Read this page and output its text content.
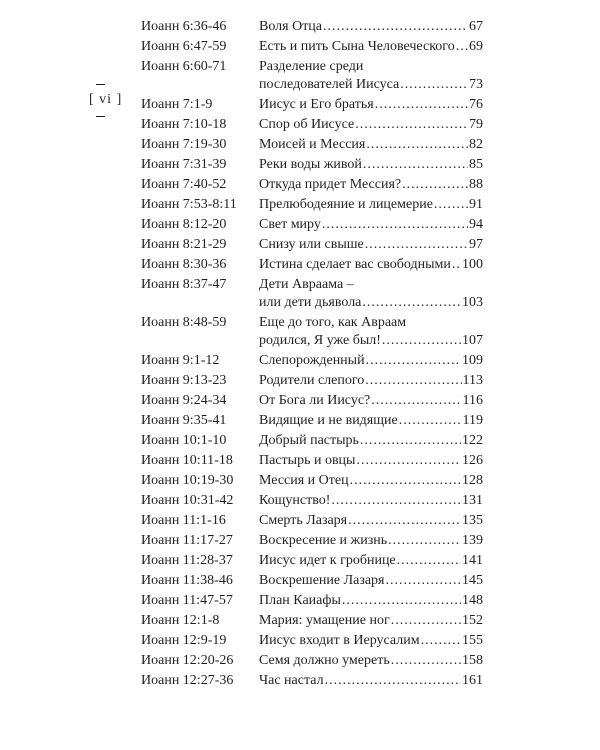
[ vi ]
Иоанн 6:36-46	Воля Отца .....	67
Иоанн 6:47-59	Есть и пить Сына Человеческого ..... 69
Иоанн 6:60-71	Разделение среди
последователей Иисуса .....	73
Иоанн 7:1-9	Иисус и Его братья .....	76
Иоанн 7:10-18	Спор об Иисусе .....	79
Иоанн 7:19-30	Моисей и Мессия .....	82
Иоанн 7:31-39	Реки воды живой .....	85
Иоанн 7:40-52	Откуда придет Мессия? .....	88
Иоанн 7:53-8:11	Прелюбодеяние и лицемерие .....	91
Иоанн 8:12-20	Свет миру .....	94
Иоанн 8:21-29	Снизу или свыше .....	97
Иоанн 8:30-36	Истина сделает вас свободными ..... 100
Иоанн 8:37-47	Дети Авраама –
или дети дьявола .....	103
Иоанн 8:48-59	Еще до того, как Авраам
родился, Я уже был! .....	107
Иоанн 9:1-12	Слепорожденный .....	109
Иоанн 9:13-23	Родители слепого .....	113
Иоанн 9:24-34	От Бога ли Иисус? .....	116
Иоанн 9:35-41	Видящие и не видящие .....	119
Иоанн 10:1-10	Добрый пастырь .....	122
Иоанн 10:11-18	Пастырь и овцы .....	126
Иоанн 10:19-30	Мессия и Отец .....	128
Иоанн 10:31-42	Кощунство! .....	131
Иоанн 11:1-16	Смерть Лазаря .....	135
Иоанн 11:17-27	Воскресение и жизнь .....	139
Иоанн 11:28-37	Иисус идет к гробнице .....	141
Иоанн 11:38-46	Воскрешение Лазаря .....	145
Иоанн 11:47-57	План Каиафы .....	148
Иоанн 12:1-8	Мария: умащение ног .....	152
Иоанн 12:9-19	Иисус входит в Иерусалим .....	155
Иоанн 12:20-26	Семя должно умереть .....	158
Иоанн 12:27-36	Час настал .....	161
